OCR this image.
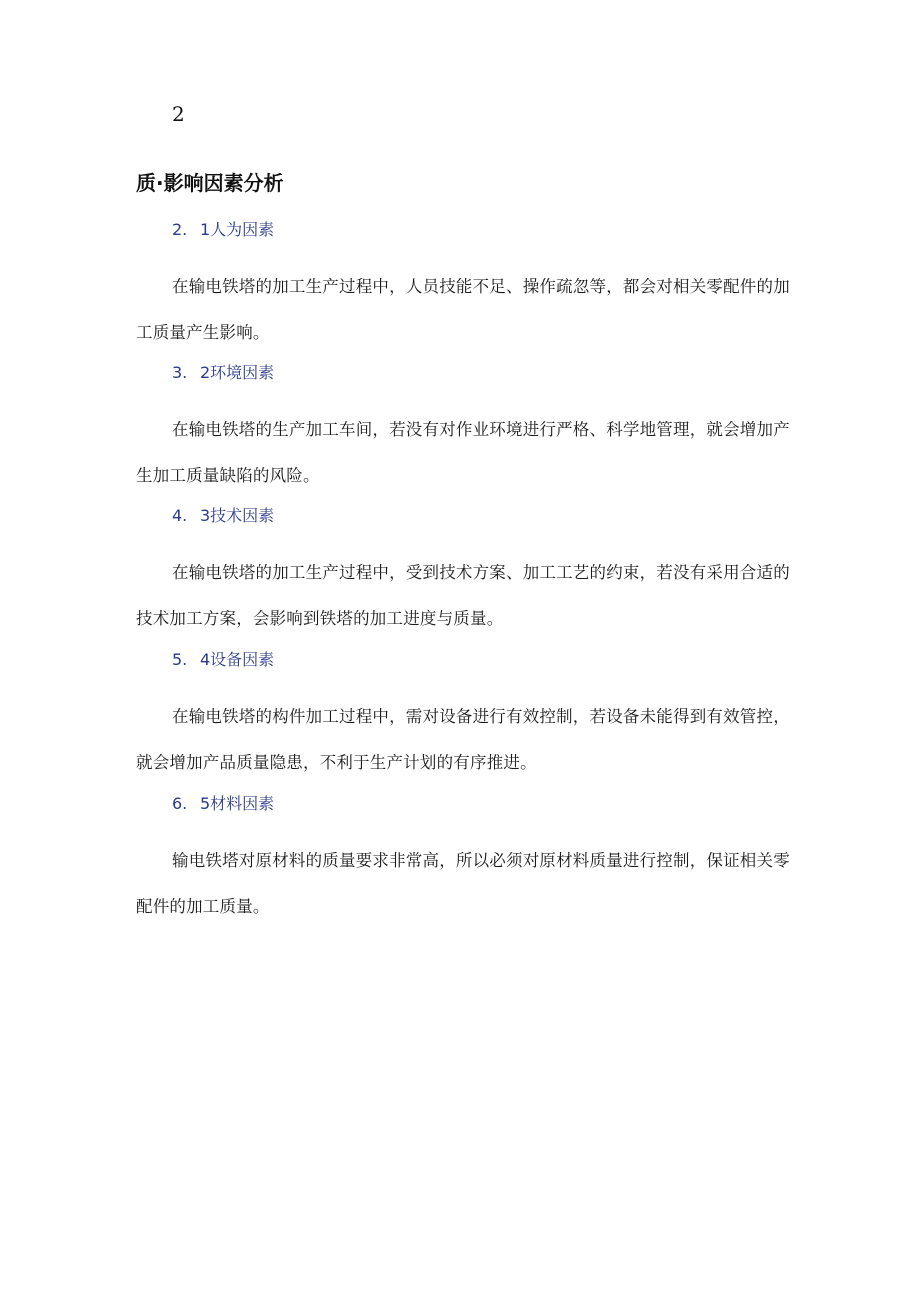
2
质·影响因素分析
2. 1人为因素
在输电铁塔的加工生产过程中，人员技能不足、操作疏忽等，都会对相关零配件的加工质量产生影响。
3. 2环境因素
在输电铁塔的生产加工车间，若没有对作业环境进行严格、科学地管理，就会增加产生加工质量缺陷的风险。
4. 3技术因素
在输电铁塔的加工生产过程中，受到技术方案、加工工艺的约束，若没有采用合适的技术加工方案，会影响到铁塔的加工进度与质量。
5. 4设备因素
在输电铁塔的构件加工过程中，需对设备进行有效控制，若设备未能得到有效管控，就会增加产品质量隐患，不利于生产计划的有序推进。
6. 5材料因素
输电铁塔对原材料的质量要求非常高，所以必须对原材料质量进行控制，保证相关零配件的加工质量。
